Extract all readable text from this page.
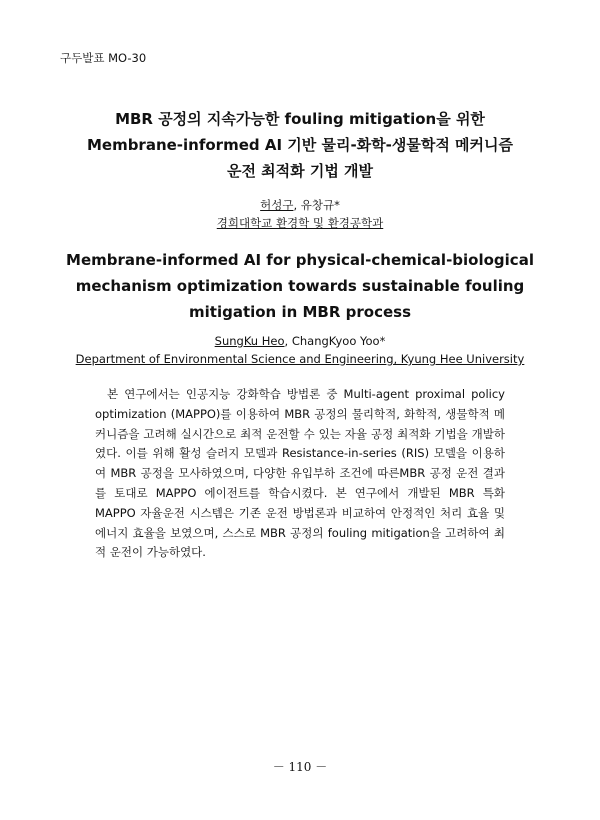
구두발표 MO-30
MBR 공정의 지속가능한 fouling mitigation을 위한
Membrane-informed AI 기반 물리-화학-생물학적 메커니즘
운전 최적화 기법 개발
허성구, 유창규*
경희대학교 환경학 및 환경공학과
Membrane-informed AI for physical-chemical-biological
mechanism optimization towards sustainable fouling
mitigation in MBR process
SungKu Heo, ChangKyoo Yoo*
Department of Environmental Science and Engineering, Kyung Hee University

본 연구에서는 인공지능 강화학습 방법론 중 Multi-agent proximal policy optimization (MAPPO)를 이용하여 MBR 공정의 물리학적, 화학적, 생물학적 메커니즘을 고려해 실시간으로 최적 운전할 수 있는 자율 공정 최적화 기법을 개발하였다. 이를 위해 활성 슬러지 모델과 Resistance-in-series (RIS) 모델을 이용하여 MBR 공정을 모사하였으며, 다양한 유입부하 조건에 따른MBR 공정 운전 결과를 토대로 MAPPO 에이전트를 학습시켰다. 본 연구에서 개발된 MBR 특화 MAPPO 자율운전 시스템은 기존 운전 방법론과 비교하여 안정적인 처리 효율 및 에너지 효율을 보였으며, 스스로 MBR 공정의 fouling mitigation을 고려하여 최적 운전이 가능하였다.

－ 110 －
